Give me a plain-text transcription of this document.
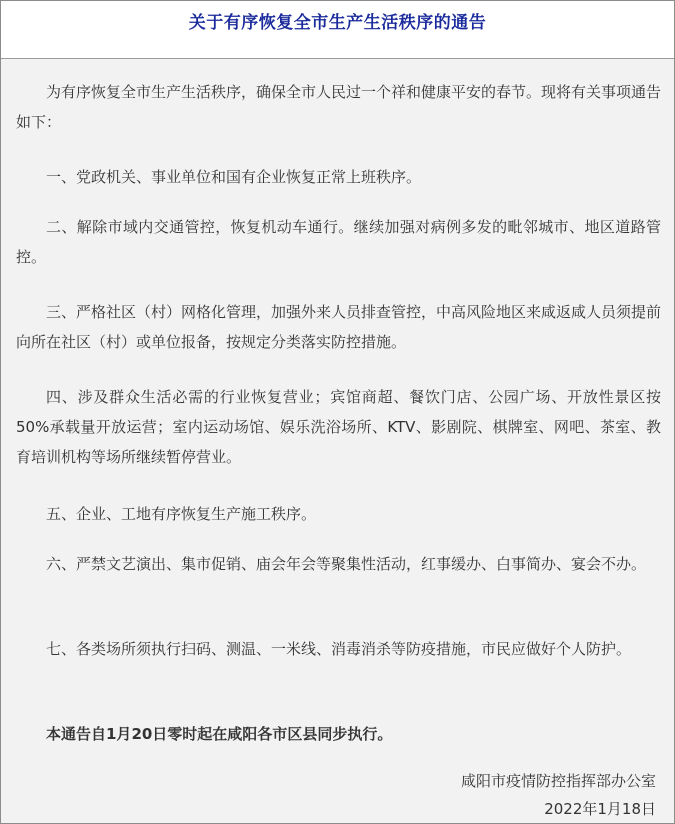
关于有序恢复全市生产生活秩序的通告
为有序恢复全市生产生活秩序，确保全市人民过一个祥和健康平安的春节。现将有关事项通告如下：
一、党政机关、事业单位和国有企业恢复正常上班秩序。
二、解除市域内交通管控，恢复机动车通行。继续加强对病例多发的毗邻城市、地区道路管控。
三、严格社区（村）网格化管理，加强外来人员排查管控，中高风险地区来咸返咸人员须提前向所在社区（村）或单位报备，按规定分类落实防控措施。
四、涉及群众生活必需的行业恢复营业；宾馆商超、餐饮门店、公园广场、开放性景区按50%承载量开放运营；室内运动场馆、娱乐洗浴场所、KTV、影剧院、棋牌室、网吧、茶室、教育培训机构等场所继续暂停营业。
五、企业、工地有序恢复生产施工秩序。
六、严禁文艺演出、集市促销、庙会年会等聚集性活动，红事缓办、白事简办、宴会不办。
七、各类场所须执行扫码、测温、一米线、消毒消杀等防疫措施，市民应做好个人防护。
本通告自1月20日零时起在咸阳各市区县同步执行。
咸阳市疫情防控指挥部办公室
2022年1月18日
